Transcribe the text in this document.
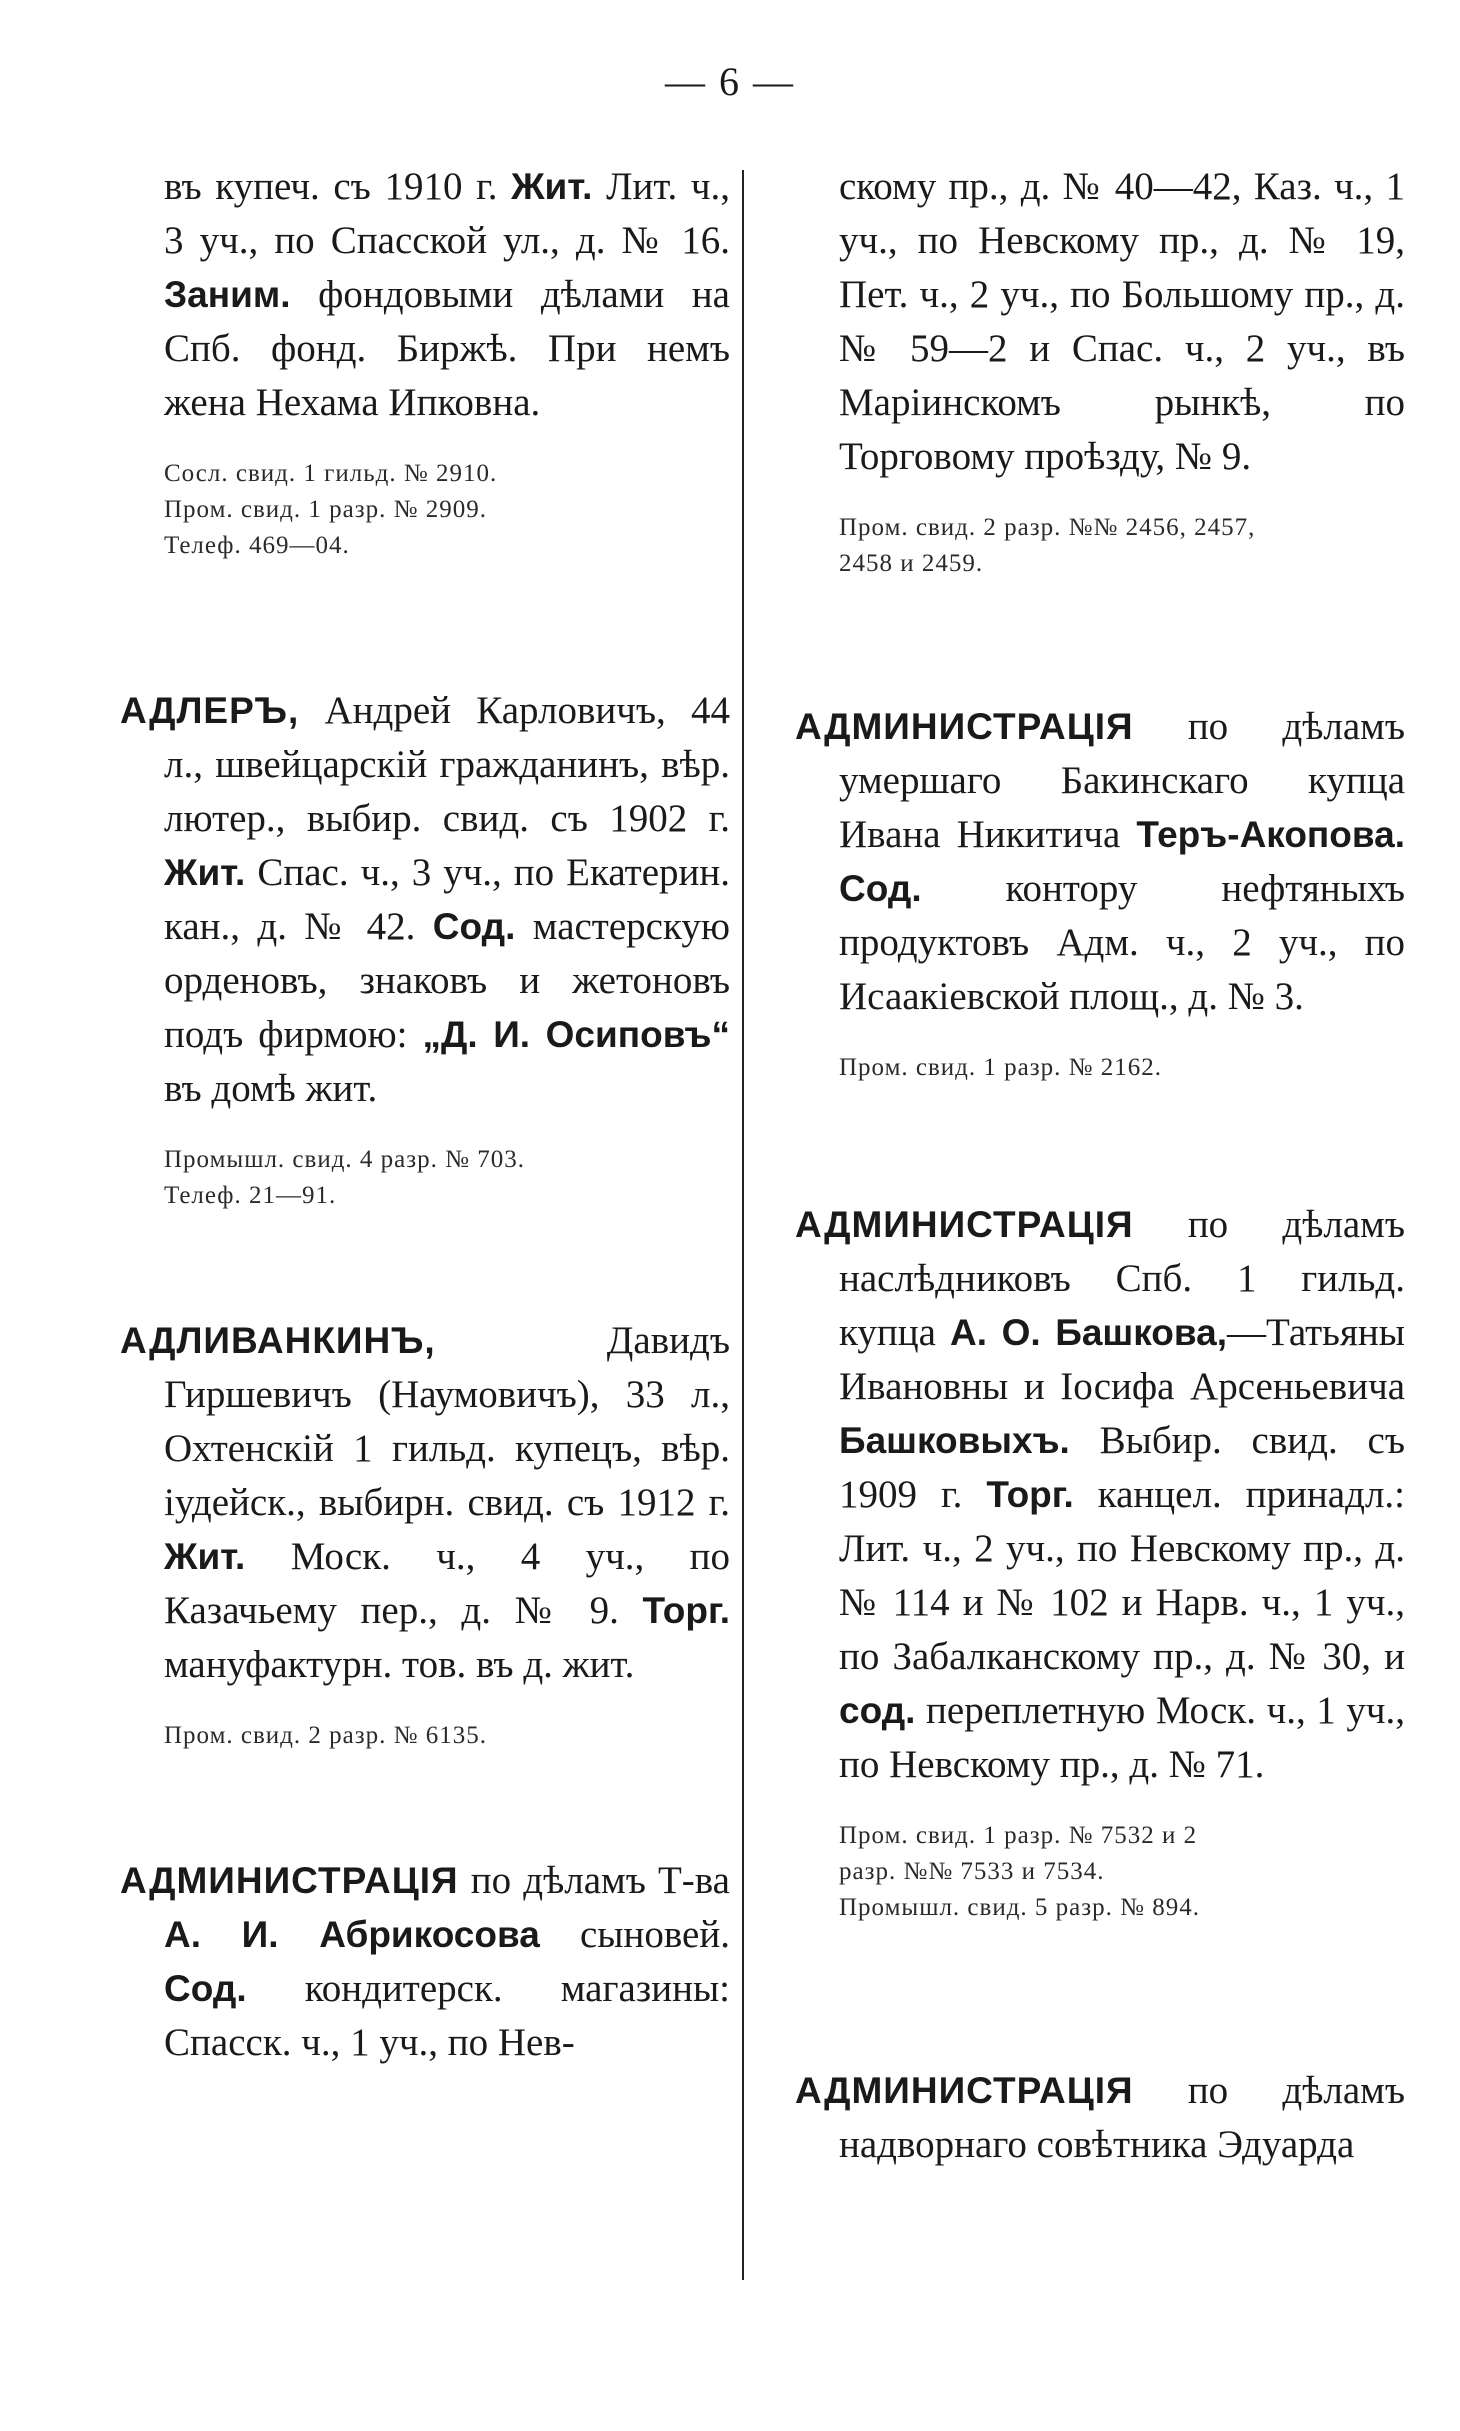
— 6 —

въ купеч. съ 1910 г. Жит. Лит. ч., 3 уч., по Спасской ул., д. № 16. Заним. фондовыми дѣлами на Спб. фонд. Биржѣ. При немъ жена Нехама Ипковна.

Сосл. свид. 1 гильд. № 2910.
Пром. свид. 1 разр. № 2909.
Телеф. 469—04.

АДЛЕРЪ, Андрей Карловичъ, 44 л., швейцарскій гражданинъ, вѣр. лютер., выбир. свид. съ 1902 г. Жит. Спас. ч., 3 уч., по Екатерин. кан., д. № 42. Сод. мастерскую орденовъ, знаковъ и жетоновъ подъ фирмою: „Д. И. Осиповъ“ въ домѣ жит.

Промышл. свид. 4 разр. № 703.
Телеф. 21—91.

АДЛИВАНКИНЪ, Давидъ Гиршевичъ (Наумовичъ), 33 л., Охтенскій 1 гильд. купецъ, вѣр. іудейск., выбирн. свид. съ 1912 г. Жит. Моск. ч., 4 уч., по Казачьему пер., д. № 9. Торг. мануфактурн. тов. въ д. жит.

Пром. свид. 2 разр. № 6135.

АДМИНИСТРАЦІЯ по дѣламъ Т-ва А. И. Абрикосова сыновей. Сод. кондитерск. магазины: Спасск. ч., 1 уч., по Нев-

скому пр., д. № 40—42, Каз. ч., 1 уч., по Невскому пр., д. № 19, Пет. ч., 2 уч., по Большому пр., д. № 59—2 и Спас. ч., 2 уч., въ Маріинскомъ рынкѣ, по Торговому проѣзду, № 9.

Пром. свид. 2 разр. №№ 2456, 2457,
2458 и 2459.

АДМИНИСТРАЦІЯ по дѣламъ умершаго Бакинскаго купца Ивана Никитича Теръ-Акопова. Сод. контору нефтяныхъ продуктовъ Адм. ч., 2 уч., по Исаакіевской площ., д. № 3.

Пром. свид. 1 разр. № 2162.

АДМИНИСТРАЦІЯ по дѣламъ наслѣдниковъ Спб. 1 гильд. купца А. О. Башкова,—Татьяны Ивановны и Іосифа Арсеньевича Башковыхъ. Выбир. свид. съ 1909 г. Торг. канцел. принадл.: Лит. ч., 2 уч., по Невскому пр., д. № 114 и № 102 и Нарв. ч., 1 уч., по Забалканскому пр., д. № 30, и сод. переплетную Моск. ч., 1 уч., по Невскому пр., д. № 71.

Пром. свид. 1 разр. № 7532 и 2
разр. №№ 7533 и 7534.
Промышл. свид. 5 разр. № 894.

АДМИНИСТРАЦІЯ по дѣламъ надворнаго совѣтника Эдуарда
